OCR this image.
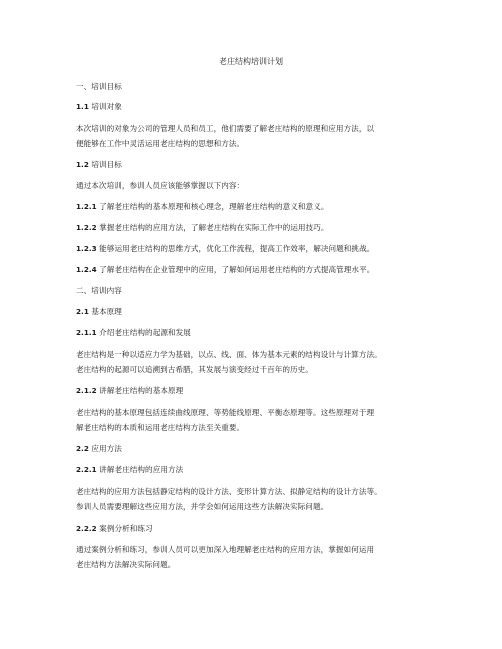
老庄结构培训计划
一、培训目标
1.1 培训对象
本次培训的对象为公司的管理人员和员工，他们需要了解老庄结构的原理和应用方法，以
便能够在工作中灵活运用老庄结构的思想和方法。
1.2 培训目标
通过本次培训，参训人员应该能够掌握以下内容：
1.2.1 了解老庄结构的基本原理和核心理念，理解老庄结构的意义和意义。
1.2.2 掌握老庄结构的应用方法，了解老庄结构在实际工作中的运用技巧。
1.2.3 能够运用老庄结构的思维方式，优化工作流程，提高工作效率，解决问题和挑战。
1.2.4 了解老庄结构在企业管理中的应用，了解如何运用老庄结构的方式提高管理水平。
二、培训内容
2.1 基本原理
2.1.1 介绍老庄结构的起源和发展
老庄结构是一种以适应力学为基础，以点、线、面、体为基本元素的结构设计与计算方法。
老庄结构的起源可以追溯到古希腊，其发展与演变经过千百年的历史。
2.1.2 讲解老庄结构的基本原理
老庄结构的基本原理包括连续曲线原理、等势能线原理、平衡态原理等。这些原理对于理
解老庄结构的本质和运用老庄结构方法至关重要。
2.2 应用方法
2.2.1 讲解老庄结构的应用方法
老庄结构的应用方法包括静定结构的设计方法、变形计算方法、拟静定结构的设计方法等。
参训人员需要理解这些应用方法，并学会如何运用这些方法解决实际问题。
2.2.2 案例分析和练习
通过案例分析和练习，参训人员可以更加深入地理解老庄结构的应用方法，掌握如何运用
老庄结构方法解决实际问题。
